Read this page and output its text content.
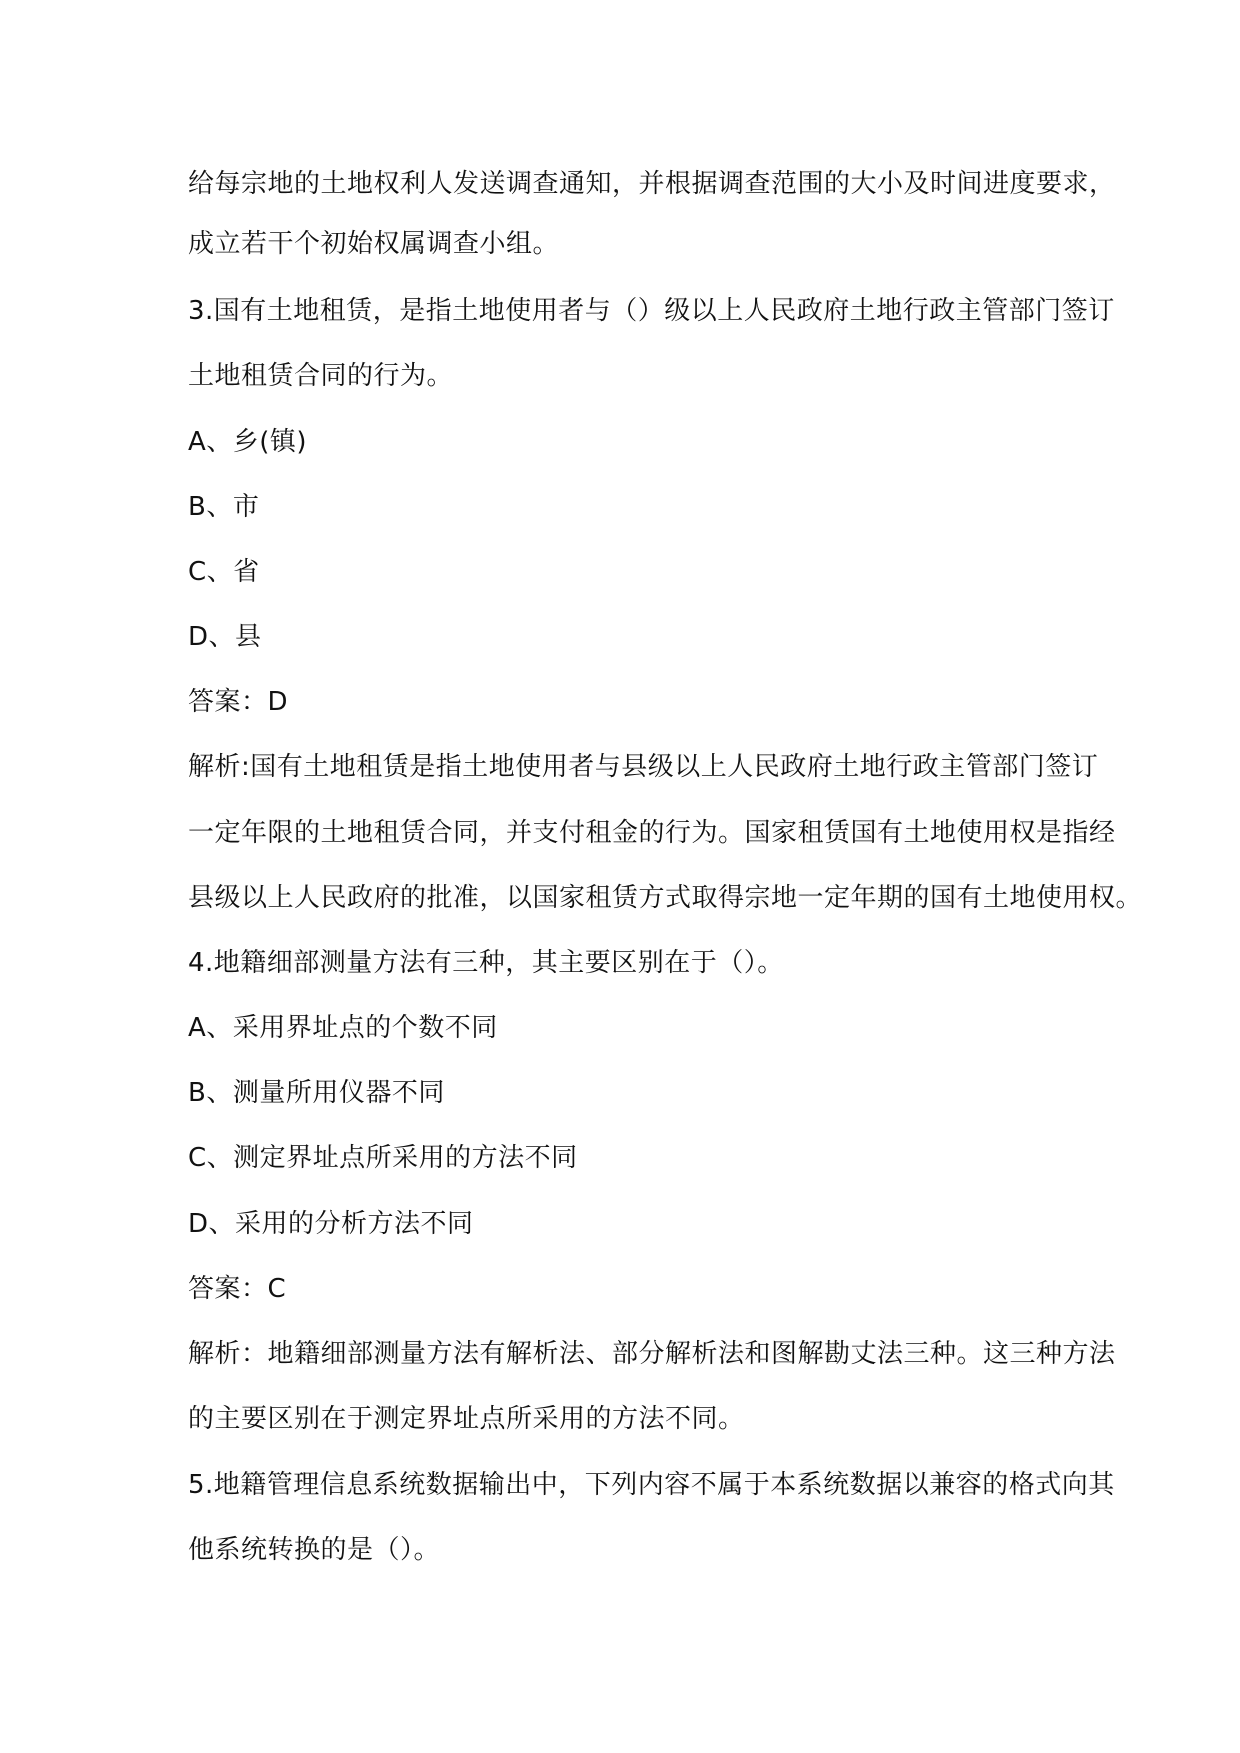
给每宗地的土地权利人发送调查通知，并根据调查范围的大小及时间进度要求，
成立若干个初始权属调查小组。
3.国有土地租赁，是指土地使用者与（）级以上人民政府土地行政主管部门签订
土地租赁合同的行为。
A、乡(镇)
B、市
C、省
D、县
答案：D
解析:国有土地租赁是指土地使用者与县级以上人民政府土地行政主管部门签订
一定年限的土地租赁合同，并支付租金的行为。国家租赁国有土地使用权是指经
县级以上人民政府的批准，以国家租赁方式取得宗地一定年期的国有土地使用权。
4.地籍细部测量方法有三种，其主要区别在于（）。
A、采用界址点的个数不同
B、测量所用仪器不同
C、测定界址点所采用的方法不同
D、采用的分析方法不同
答案：C
解析：地籍细部测量方法有解析法、部分解析法和图解勘丈法三种。这三种方法
的主要区别在于测定界址点所采用的方法不同。
5.地籍管理信息系统数据输出中，下列内容不属于本系统数据以兼容的格式向其
他系统转换的是（）。
